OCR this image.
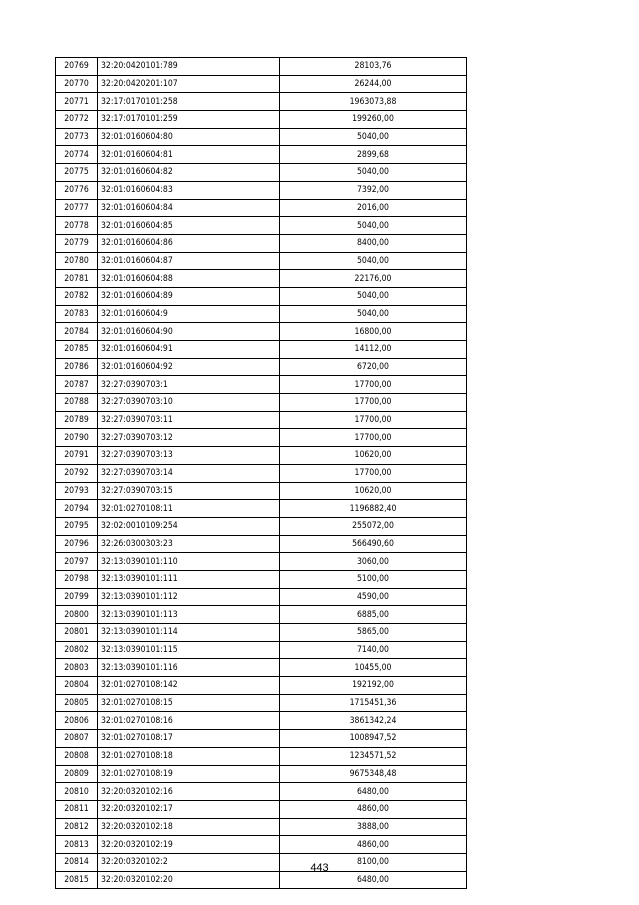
20769	32:20:0420101:789	28103,76
20770	32:20:0420201:107	26244,00
20771	32:17:0170101:258	1963073,88
20772	32:17:0170101:259	199260,00
20773	32:01:0160604:80	5040,00
20774	32:01:0160604:81	2899,68
20775	32:01:0160604:82	5040,00
20776	32:01:0160604:83	7392,00
20777	32:01:0160604:84	2016,00
20778	32:01:0160604:85	5040,00
20779	32:01:0160604:86	8400,00
20780	32:01:0160604:87	5040,00
20781	32:01:0160604:88	22176,00
20782	32:01:0160604:89	5040,00
20783	32:01:0160604:9	5040,00
20784	32:01:0160604:90	16800,00
20785	32:01:0160604:91	14112,00
20786	32:01:0160604:92	6720,00
20787	32:27:0390703:1	17700,00
20788	32:27:0390703:10	17700,00
20789	32:27:0390703:11	17700,00
20790	32:27:0390703:12	17700,00
20791	32:27:0390703:13	10620,00
20792	32:27:0390703:14	17700,00
20793	32:27:0390703:15	10620,00
20794	32:01:0270108:11	1196882,40
20795	32:02:0010109:254	255072,00
20796	32:26:0300303:23	566490,60
20797	32:13:0390101:110	3060,00
20798	32:13:0390101:111	5100,00
20799	32:13:0390101:112	4590,00
20800	32:13:0390101:113	6885,00
20801	32:13:0390101:114	5865,00
20802	32:13:0390101:115	7140,00
20803	32:13:0390101:116	10455,00
20804	32:01:0270108:142	192192,00
20805	32:01:0270108:15	1715451,36
20806	32:01:0270108:16	3861342,24
20807	32:01:0270108:17	1008947,52
20808	32:01:0270108:18	1234571,52
20809	32:01:0270108:19	9675348,48
20810	32:20:0320102:16	6480,00
20811	32:20:0320102:17	4860,00
20812	32:20:0320102:18	3888,00
20813	32:20:0320102:19	4860,00
20814	32:20:0320102:2	8100,00
20815	32:20:0320102:20	6480,00
443
